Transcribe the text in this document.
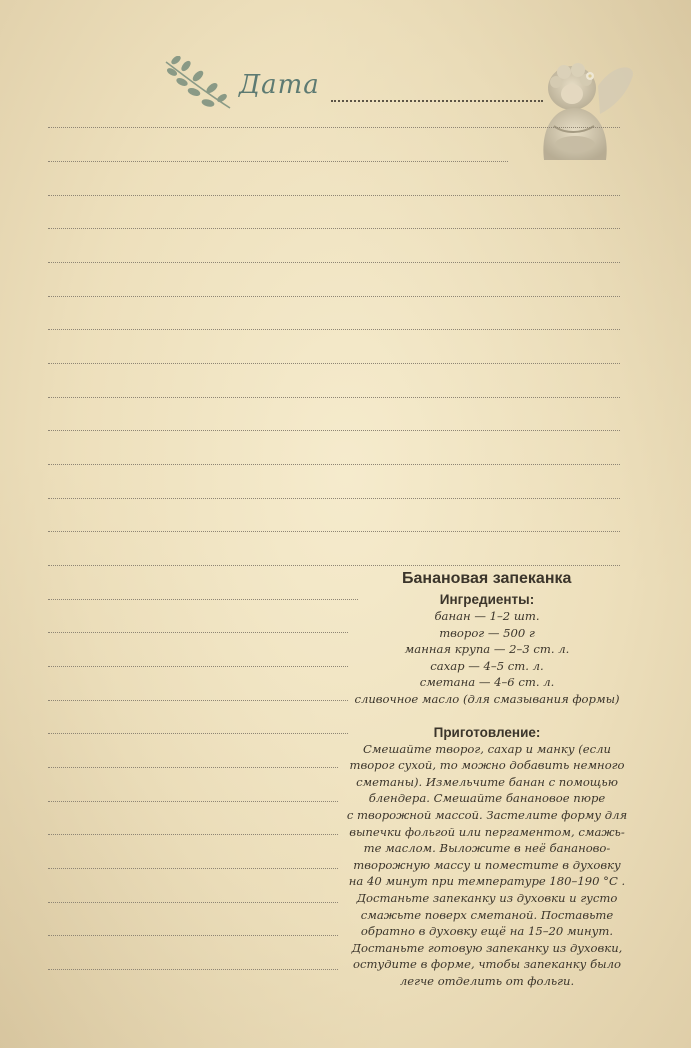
Дата
Банановая запеканка
Ингредиенты:
банан — 1–2 шт.
творог — 500 г
манная крупа — 2–3 ст. л.
сахар — 4–5 ст. л.
сметана — 4–6 ст. л.
сливочное масло (для смазывания формы)
Приготовление:
Смешайте творог, сахар и манку (если
творог сухой, то можно добавить немного
сметаны). Измельчите банан с помощью
блендера. Смешайте банановое пюре
с творожной массой. Застелите форму для
выпечки фольгой или пергаментом, смажь-
те маслом. Выложите в неё бананово-
творожную массу и поместите в духовку
на 40 минут при температуре 180–190 °С .
Достаньте запеканку из духовки и густо
смажьте поверх сметаной. Поставьте
обратно в духовку ещё на 15–20 минут.
Достаньте готовую запеканку из духовки,
остудите в форме, чтобы запеканку было
легче отделить от фольги.
